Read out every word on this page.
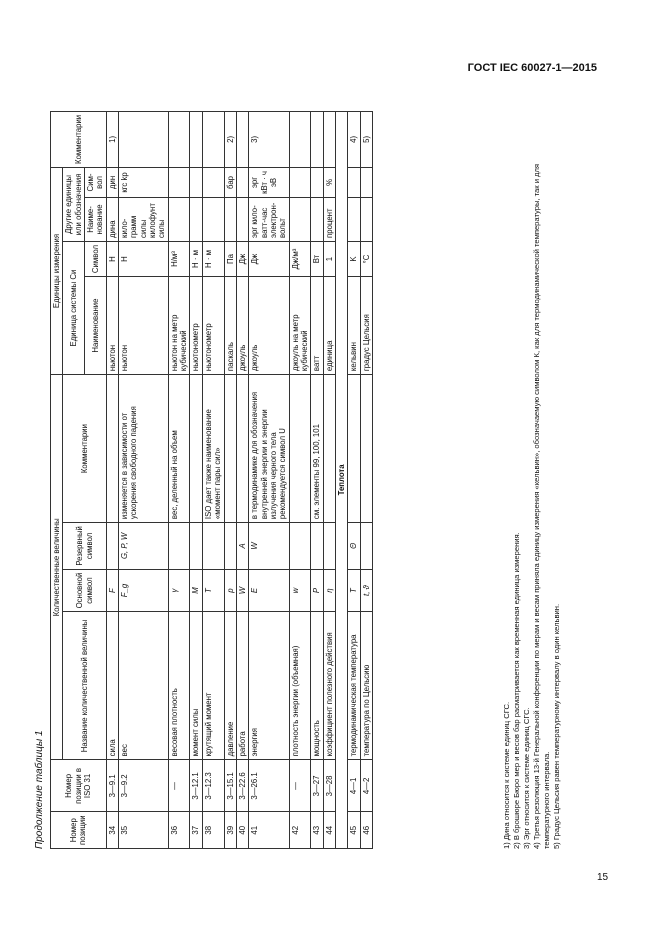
ГОСТ IEC 60027-1—2015
Продолжение таблицы 1	Номер позиции	Номер позиции в ISO 31	Количественные величины				Единицы измерения				Комментарии
		Название количественной величины	Основной символ	Резервный символ	Комментарии	Единица системы Си		Другие единицы или обозначения		
						Наименование	Символ	Наиме-нование	Сим-вол	
34	3—9.1	сила	F			ньютон	Н	дина	дин	1)
35	3—9.2	вес	F_g	G, P, W	изменяется в зависимости от ускорения свободного падения	ньютон	Н	кило-грамм силы килофунт силы	кгс kp	
36	—	весовая плотность	γ		вес, деленный на объем	ньютон на метр кубический	Н/м³			
37	3—12.1	момент силы	M			ньютонометр	Н · м			
38	3—12.3	крутящий момент	T		ISO дает также наименование «момент пары сил»	ньютонометр	Н · м			
39	3—15.1	давление	p			паскаль	Па		бар	2)
40	3—22.6	работа	W	A		джоуль	Дж			
41	3—26.1	энергия	E	W	в термодинамике для обозначения внутренней энергии и энергии излучения черного тела рекомендуется символ U	джоуль	Дж	эрг кило-ватт-час электрон-вольт	эрг кВт · ч эВ	3)
42	—	плотность энергии (объемная)	w			джоуль на метр кубический	Дж/м³			
43	3—27	мощность	P		см. элементы 99, 100, 101	ватт	Вт			
44	3—28	коэффициент полезного действия	η			единица	1	процент	%	
Теплота										
45	4—1	термодинамическая температура	T	Θ		кельвин	K			4)
46	4—2	температура по Цельсию	t, ϑ			градус Цельсия	°C			5)
1) Дина относится к системе единиц СГС. 2) В брошюре Бюро мер и весов бар расматривается как временная единица измерения. 3) Эрг относится к системе единиц СГС. 4) Третья резолюция 13-й Генеральной конференции по мерам и весам приняла единицу измерения «кельвин», обозначаемую символом К, как для термодинамической температуры, так и для температурного интервала. 5) Градус Цельсия равен температурному интервалу в один кельвин.
15
